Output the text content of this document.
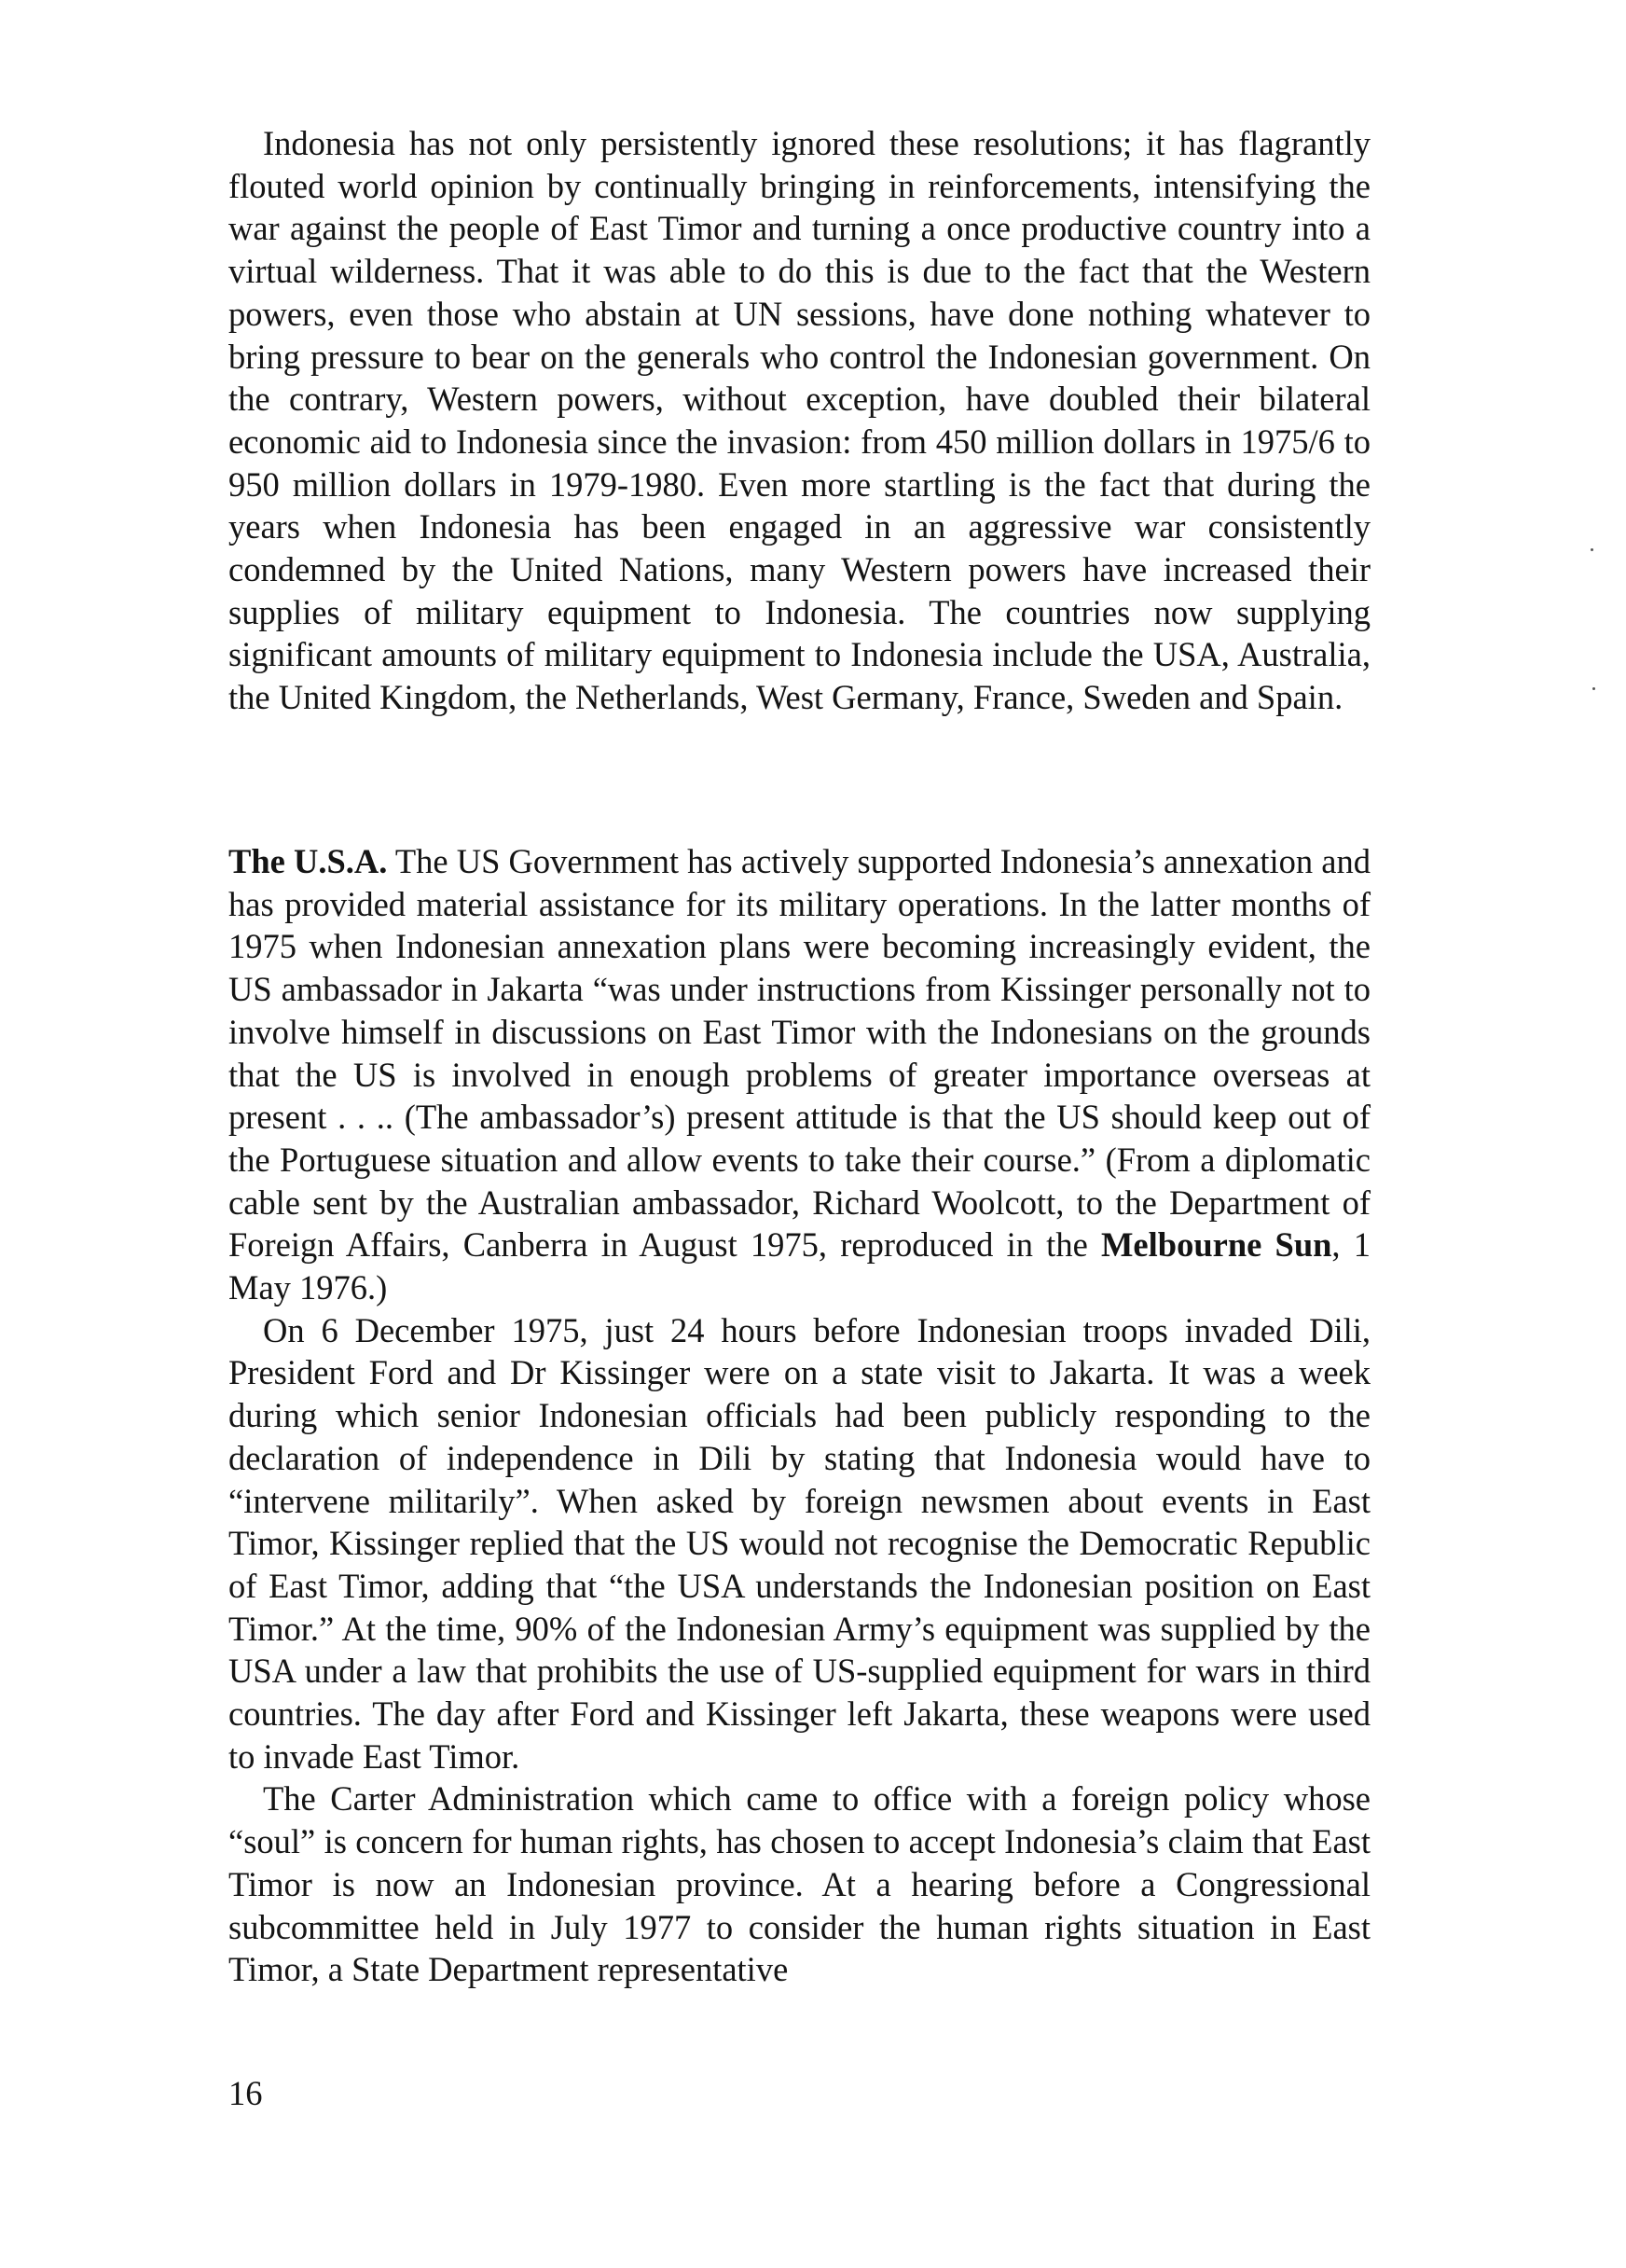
Indonesia has not only persistently ignored these resolutions; it has flagrantly flouted world opinion by continually bringing in reinforcements, intensifying the war against the people of East Timor and turning a once productive country into a virtual wilderness. That it was able to do this is due to the fact that the Western powers, even those who abstain at UN sessions, have done nothing whatever to bring pressure to bear on the generals who control the Indonesian government. On the contrary, Western powers, without exception, have doubled their bilateral economic aid to Indonesia since the invasion: from 450 million dollars in 1975/6 to 950 million dollars in 1979-1980. Even more startling is the fact that during the years when Indonesia has been engaged in an aggressive war consistently condemned by the United Nations, many Western powers have increased their supplies of military equipment to Indonesia. The countries now supplying significant amounts of military equipment to Indonesia include the USA, Australia, the United Kingdom, the Netherlands, West Germany, France, Sweden and Spain.

The U.S.A. The US Government has actively supported Indonesia’s annexation and has provided material assistance for its military operations. In the latter months of 1975 when Indonesian annexation plans were becoming increasingly evident, the US ambassador in Jakarta “was under instructions from Kissinger personally not to involve himself in discussions on East Timor with the Indonesians on the grounds that the US is involved in enough problems of greater importance overseas at present . . .. (The ambassador’s) present attitude is that the US should keep out of the Portuguese situation and allow events to take their course.” (From a diplomatic cable sent by the Australian ambassador, Richard Woolcott, to the Department of Foreign Affairs, Canberra in August 1975, reproduced in the Melbourne Sun, 1 May 1976.)

On 6 December 1975, just 24 hours before Indonesian troops invaded Dili, President Ford and Dr Kissinger were on a state visit to Jakarta. It was a week during which senior Indonesian officials had been publicly responding to the declaration of independence in Dili by stating that Indonesia would have to “intervene militarily”. When asked by foreign newsmen about events in East Timor, Kissinger replied that the US would not recognise the Democratic Republic of East Timor, adding that “the USA understands the Indonesian position on East Timor.” At the time, 90% of the Indonesian Army’s equipment was supplied by the USA under a law that prohibits the use of US-supplied equipment for wars in third countries. The day after Ford and Kissinger left Jakarta, these weapons were used to invade East Timor.

The Carter Administration which came to office with a foreign policy whose “soul” is concern for human rights, has chosen to accept Indonesia’s claim that East Timor is now an Indonesian province. At a hearing before a Congressional subcommittee held in July 1977 to consider the human rights situation in East Timor, a State Department representative

16
